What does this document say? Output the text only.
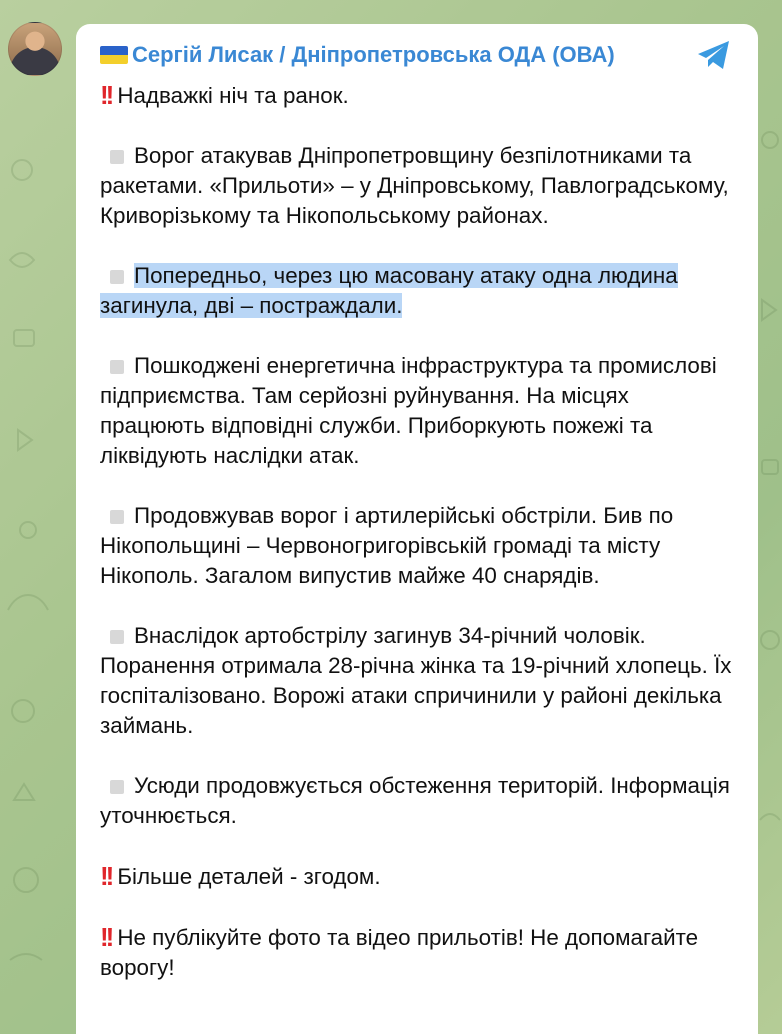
Сергій Лисак / Дніпропетровська ОДА (ОВА)
!! Надважкі ніч та ранок.
Ворог атакував Дніпропетровщину безпілотниками та ракетами. «Прильоти» – у Дніпровському, Павлоградському, Криворізькому та Нікопольському районах.
Попередньо, через цю масовану атаку одна людина загинула, дві – постраждали.
Пошкоджені енергетична інфраструктура та промислові підприємства. Там серйозні руйнування. На місцях працюють відповідні служби. Приборкують пожежі та ліквідують наслідки атак.
Продовжував ворог і артилерійські обстріли. Бив по Нікопольщині – Червоногригорівській громаді та місту Нікополь. Загалом випустив майже 40 снарядів.
Внаслідок артобстрілу загинув 34-річний чоловік. Поранення отримала 28-річна жінка та 19-річний хлопець. Їх госпіталізовано. Ворожі атаки спричинили у районі декілька займань.
Усюди продовжується обстеження територій. Інформація уточнюється.
!! Більше деталей - згодом.
!! Не публікуйте фото та відео прильотів! Не допомагайте ворогу!
